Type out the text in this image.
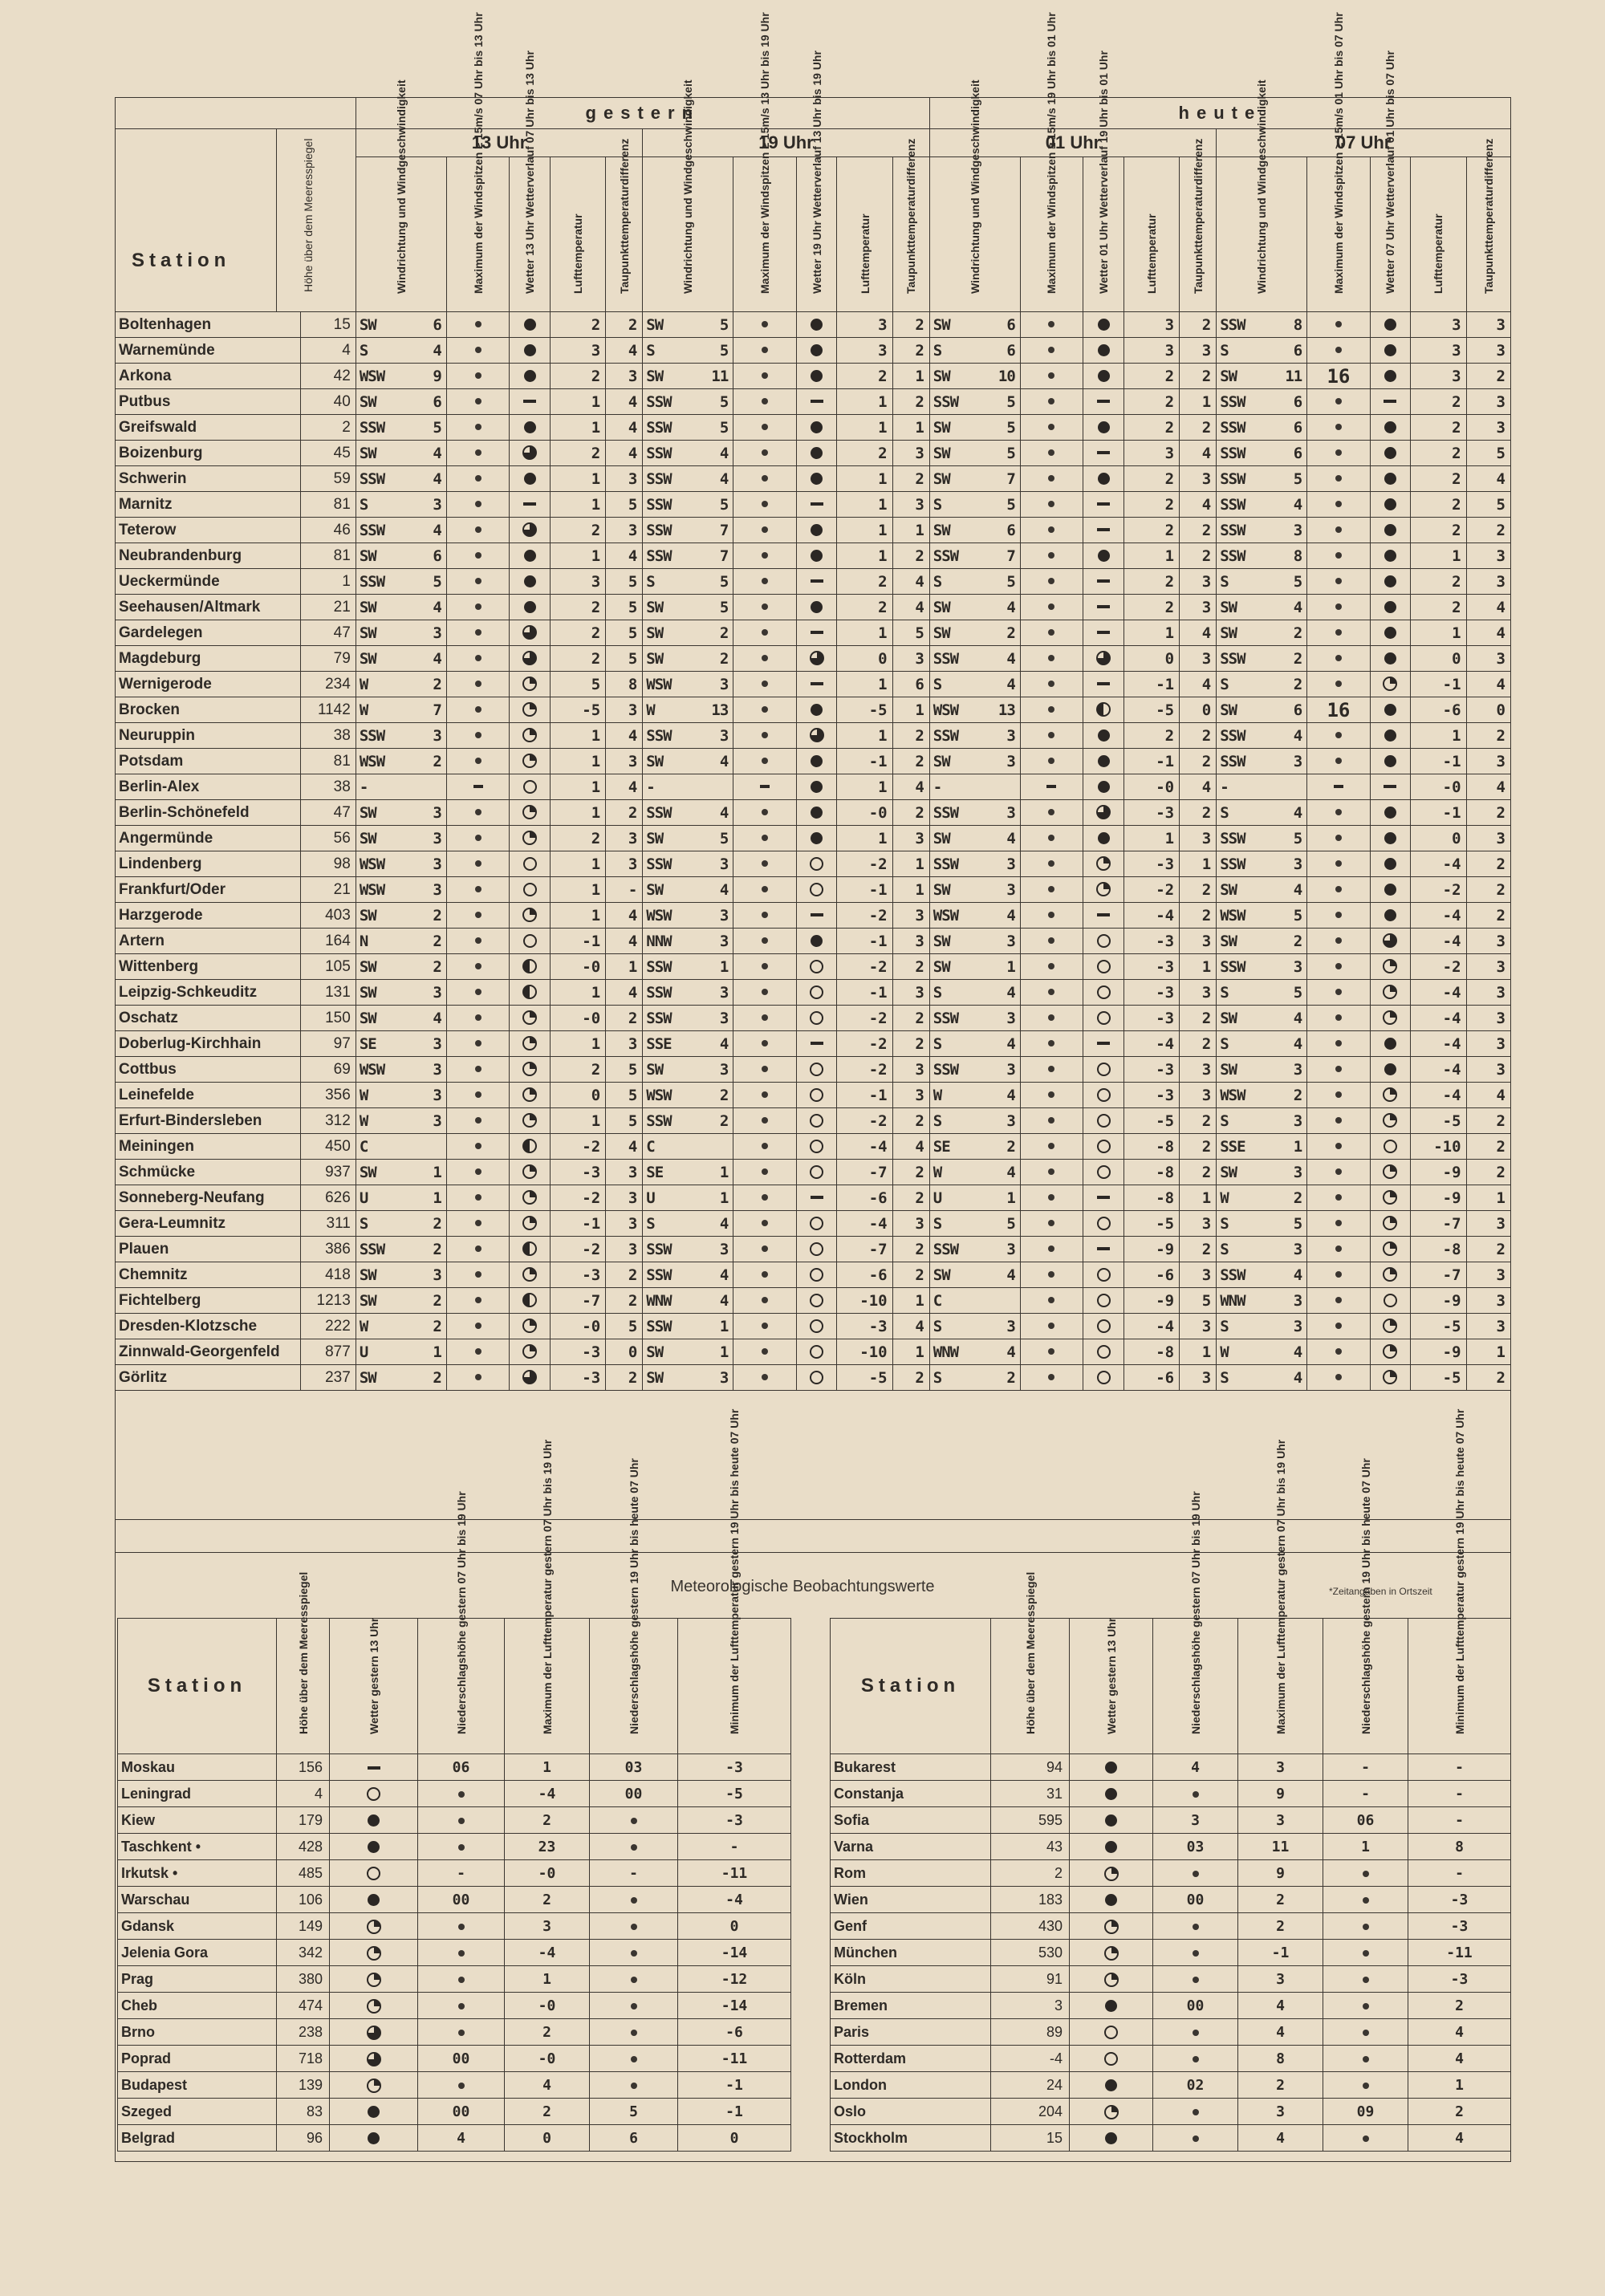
		gestern										heute									

Station Höhe über dem Meeresspiegel		13 Uhr					19 Uhr					01 Uhr					07 Uhr				

		Windrichtung und Windgeschwindigkeit	Maximum der Windspitzen ≥ 15m/s 07 Uhr bis 13 Uhr	Wetter 13 Uhr Wetterverlauf 07 Uhr bis 13 Uhr	Lufttemperatur	Taupunkttemperaturdifferenz	Windrichtung und Windgeschwindigkeit	Maximum der Windspitzen ≥ 15m/s 13 Uhr bis 19 Uhr	Wetter 19 Uhr Wetterverlauf 13 Uhr bis 19 Uhr	Lufttemperatur	Taupunkttemperaturdifferenz	Windrichtung und Windgeschwindigkeit	Maximum der Windspitzen ≥ 15m/s 19 Uhr bis 01 Uhr	Wetter 01 Uhr Wetterverlauf 19 Uhr bis 01 Uhr	Lufttemperatur	Taupunkttemperaturdifferenz	Windrichtung und Windgeschwindigkeit	Maximum der Windspitzen ≥ 15m/s 01 Uhr bis 07 Uhr	Wetter 07 Uhr Wetterverlauf 01 Uhr bis 07 Uhr	Lufttemperatur	Taupunkttemperaturdifferenz

Boltenhagen	15	SW 6			2	2	SW 5			3	2	SW 6			3	2	SSW 8			3	3
Warnemünde	4	S 4			3	4	S 5			3	2	S 6			3	3	S 6			3	3
Arkona	42	WSW 9			2	3	SW 11			2	1	SW 10			2	2	SW 11	16		3	2
Putbus	40	SW 6			1	4	SSW 5			1	2	SSW 5			2	1	SSW 6			2	3
Greifswald	2	SSW 5			1	4	SSW 5			1	1	SW 5			2	2	SSW 6			2	3
Boizenburg	45	SW 4			2	4	SSW 4			2	3	SW 5			3	4	SSW 6			2	5
Schwerin	59	SSW 4			1	3	SSW 4			1	2	SW 7			2	3	SSW 5			2	4
Marnitz	81	S 3			1	5	SSW 5			1	3	S 5			2	4	SSW 4			2	5
Teterow	46	SSW 4			2	3	SSW 7			1	1	SW 6			2	2	SSW 3			2	2
Neubrandenburg	81	SW 6			1	4	SSW 7			1	2	SSW 7			1	2	SSW 8			1	3
Ueckermünde	1	SSW 5			3	5	S 5			2	4	S 5			2	3	S 5			2	3
Seehausen/Altmark	21	SW 4			2	5	SW 5			2	4	SW 4			2	3	SW 4			2	4
Gardelegen	47	SW 3			2	5	SW 2			1	5	SW 2			1	4	SW 2			1	4
Magdeburg	79	SW 4			2	5	SW 2			0	3	SSW 4			0	3	SSW 2			0	3
Wernigerode	234	W 2			5	8	WSW 3			1	6	S 4			-1	4	S 2			-1	4
Brocken	1142	W 7			-5	3	W 13			-5	1	WSW 13			-5	0	SW 6	16		-6	0
Neuruppin	38	SSW 3			1	4	SSW 3			1	2	SSW 3			2	2	SSW 4			1	2
Potsdam	81	WSW 2			1	3	SW 4			-1	2	SW 3			-1	2	SSW 3			-1	3
Berlin-Alex	38	-			1	4	-			1	4	-			-0	4	-			-0	4
Berlin-Schönefeld	47	SW 3			1	2	SSW 4			-0	2	SSW 3			-3	2	S 4			-1	2
Angermünde	56	SW 3			2	3	SW 5			1	3	SW 4			1	3	SSW 5			0	3
Lindenberg	98	WSW 3			1	3	SSW 3			-2	1	SSW 3			-3	1	SSW 3			-4	2
Frankfurt/Oder	21	WSW 3			1	-	SW 4			-1	1	SW 3			-2	2	SW 4			-2	2
Harzgerode	403	SW 2			1	4	WSW 3			-2	3	WSW 4			-4	2	WSW 5			-4	2
Artern	164	N 2			-1	4	NNW 3			-1	3	SW 3			-3	3	SW 2			-4	3
Wittenberg	105	SW 2			-0	1	SSW 1			-2	2	SW 1			-3	1	SSW 3			-2	3
Leipzig-Schkeuditz	131	SW 3			1	4	SSW 3			-1	3	S 4			-3	3	S 5			-4	3
Oschatz	150	SW 4			-0	2	SSW 3			-2	2	SSW 3			-3	2	SW 4			-4	3
Doberlug-Kirchhain	97	SE 3			1	3	SSE 4			-2	2	S 4			-4	2	S 4			-4	3
Cottbus	69	WSW 3			2	5	SW 3			-2	3	SSW 3			-3	3	SW 3			-4	3
Leinefelde	356	W 3			0	5	WSW 2			-1	3	W 4			-3	3	WSW 2			-4	4
Erfurt-Bindersleben	312	W 3			1	5	SSW 2			-2	2	S 3			-5	2	S 3			-5	2
Meiningen	450	C			-2	4	C			-4	4	SE 2			-8	2	SSE 1			-10	2
Schmücke	937	SW 1			-3	3	SE 1			-7	2	W 4			-8	2	SW 3			-9	2
Sonneberg-Neufang	626	U 1			-2	3	U 1			-6	2	U 1			-8	1	W 2			-9	1
Gera-Leumnitz	311	S 2			-1	3	S 4			-4	3	S 5			-5	3	S 5			-7	3
Plauen	386	SSW 2			-2	3	SSW 3			-7	2	SSW 3			-9	2	S 3			-8	2
Chemnitz	418	SW 3			-3	2	SSW 4			-6	2	SW 4			-6	3	SSW 4			-7	3
Fichtelberg	1213	SW 2			-7	2	WNW 4			-10	1	C			-9	5	WNW 3			-9	3
Dresden-Klotzsche	222	W 2			-0	5	SSW 1			-3	4	S 3			-4	3	S 3			-5	3
Zinnwald-Georgenfeld	877	U 1			-3	0	SW 1			-10	1	WNW 4			-8	1	W 4			-9	1
Görlitz	237	SW 2			-3	2	SW 3			-5	2	S 2			-6	3	S 4			-5	2

Meteorologische Beobachtungswerte	*Zeitangaben in Ortszeit
Station	Höhe über dem Meeresspiegel	Wetter gestern 13 Uhr	Niederschlagshöhe gestern 07 Uhr bis 19 Uhr	Maximum der Lufttemperatur gestern 07 Uhr bis 19 Uhr	Niederschlagshöhe gestern 19 Uhr bis heute 07 Uhr	Minimum der Lufttemperatur gestern 19 Uhr bis heute 07 Uhr

Moskau	156		06	1	03	-3
Leningrad	4			-4	00	-5
Kiew	179			2		-3
Taschkent •	428			23		-
Irkutsk •	485		-	-0	-	-11
Warschau	106		00	2		-4
Gdansk	149			3		0
Jelenia Gora	342			-4		-14
Prag	380			1		-12
Cheb	474			-0		-14
Brno	238			2		-6
Poprad	718		00	-0		-11
Budapest	139			4		-1
Szeged	83		00	2	5	-1
Belgrad	96		4	0	6	0
Station	Höhe über dem Meeresspiegel	Wetter gestern 13 Uhr	Niederschlagshöhe gestern 07 Uhr bis 19 Uhr	Maximum der Lufttemperatur gestern 07 Uhr bis 19 Uhr	Niederschlagshöhe gestern 19 Uhr bis heute 07 Uhr	Minimum der Lufttemperatur gestern 19 Uhr bis heute 07 Uhr

Bukarest	94		4	3	-	-
Constanja	31			9	-	-
Sofia	595		3	3	06	-
Varna	43		03	11	1	8
Rom	2			9		-
Wien	183		00	2		-3
Genf	430			2		-3
München	530			-1		-11
Köln	91			3		-3
Bremen	3		00	4		2
Paris	89			4		4
Rotterdam	-4			8		4
London	24		02	2		1
Oslo	204			3	09	2
Stockholm	15			4		4
